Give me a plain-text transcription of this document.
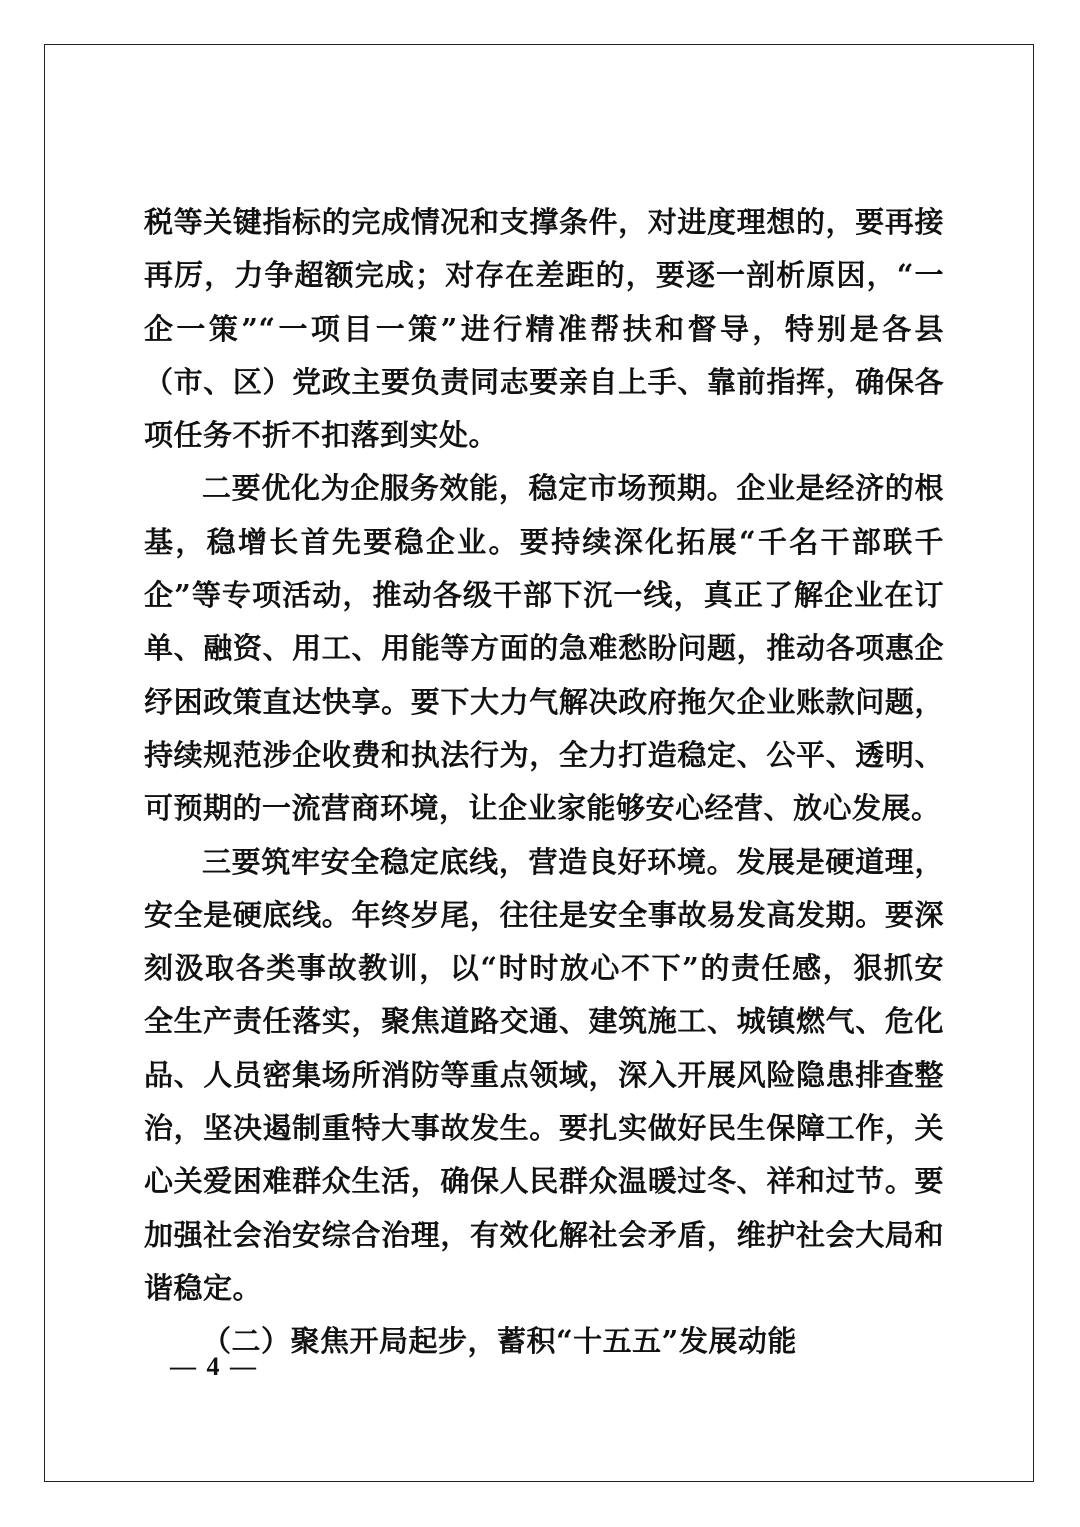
税等关键指标的完成情况和支撑条件，对进度理想的，要再接再厉，力争超额完成；对存在差距的，要逐一剖析原因，“一企一策”“一项目一策”进行精准帮扶和督导，特别是各县（市、区）党政主要负责同志要亲自上手、靠前指挥，确保各项任务不折不扣落到实处。

二要优化为企服务效能，稳定市场预期。企业是经济的根基，稳增长首先要稳企业。要持续深化拓展“千名干部联千企”等专项活动，推动各级干部下沉一线，真正了解企业在订单、融资、用工、用能等方面的急难愁盼问题，推动各项惠企纾困政策直达快享。要下大力气解决政府拖欠企业账款问题，持续规范涉企收费和执法行为，全力打造稳定、公平、透明、可预期的一流营商环境，让企业家能够安心经营、放心发展。

三要筑牢安全稳定底线，营造良好环境。发展是硬道理，安全是硬底线。年终岁尾，往往是安全事故易发高发期。要深刻汲取各类事故教训，以“时时放心不下”的责任感，狠抓安全生产责任落实，聚焦道路交通、建筑施工、城镇燃气、危化品、人员密集场所消防等重点领域，深入开展风险隐患排查整治，坚决遏制重特大事故发生。要扎实做好民生保障工作，关心关爱困难群众生活，确保人民群众温暖过冬、祥和过节。要加强社会治安综合治理，有效化解社会矛盾，维护社会大局和谐稳定。

（二）聚焦开局起步，蓄积“十五五”发展动能

— 4 —
